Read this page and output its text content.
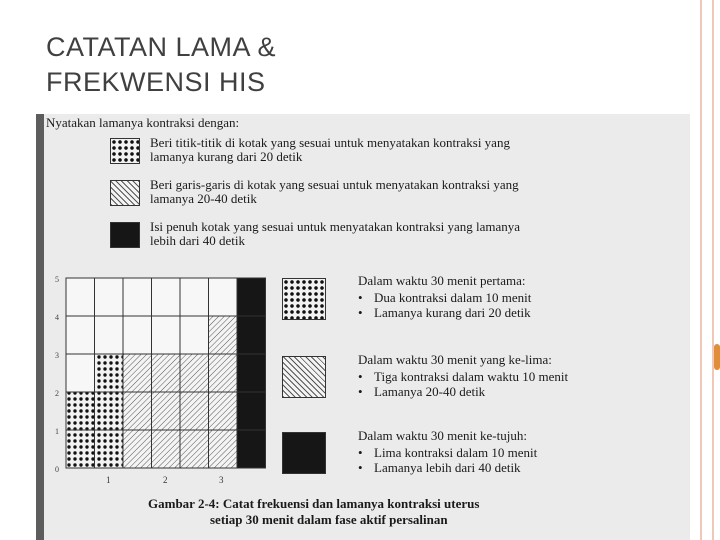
CATATAN LAMA &
FREKWENSI HIS
Nyatakan lamanya kontraksi dengan:
Beri titik-titik di kotak yang sesuai untuk menyatakan kontraksi yang
lamanya kurang dari 20 detik
Beri garis-garis di kotak yang sesuai untuk menyatakan kontraksi yang
lamanya 20-40 detik
Isi penuh kotak yang sesuai untuk menyatakan kontraksi yang lamanya
lebih dari 40 detik
5
4
3
2
1
0
1	2	3
Dalam waktu 30 menit pertama:
• Dua kontraksi dalam 10 menit
• Lamanya kurang dari 20 detik
Dalam waktu 30 menit yang ke-lima:
• Tiga kontraksi dalam waktu 10 menit
• Lamanya 20-40 detik
Dalam waktu 30 menit ke-tujuh:
• Lima kontraksi dalam 10 menit
• Lamanya lebih dari 40 detik
Gambar 2-4: Catat frekuensi dan lamanya kontraksi uterus
setiap 30 menit dalam fase aktif persalinan
